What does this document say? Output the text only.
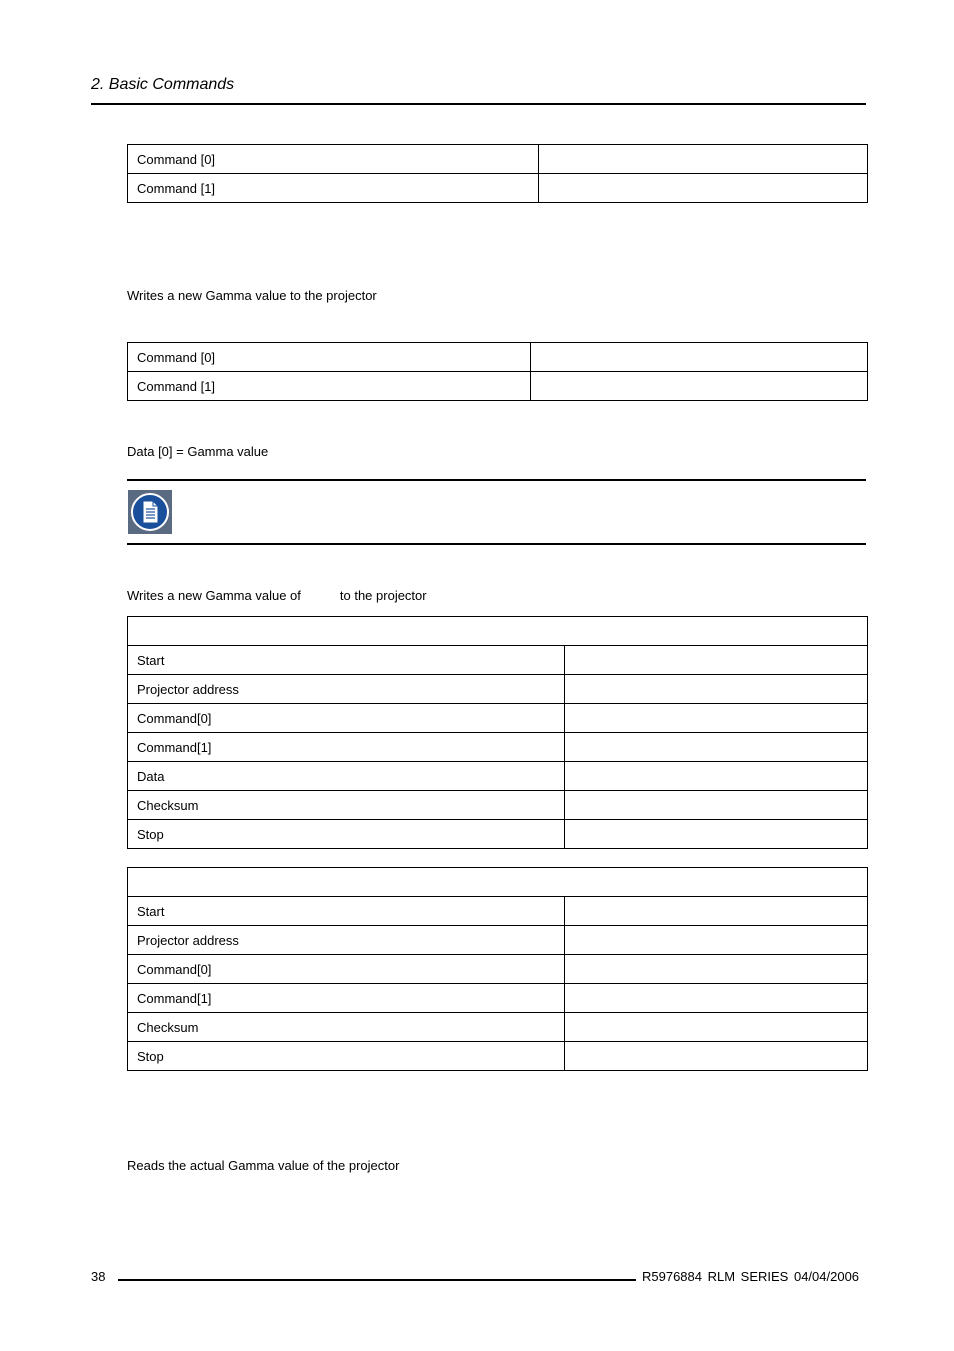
2. Basic Commands
Command [0]	
Command [1]	
Writes a new Gamma value to the projector
Command [0]	
Command [1]	
Data [0] = Gamma value
Writes a new Gamma value of	to the projector

Start	
Projector address	
Command[0]	
Command[1]	
Data	
Checksum	
Stop	

Start	
Projector address	
Command[0]	
Command[1]	
Checksum	
Stop	
Reads the actual Gamma value of the projector
38	R5976884 RLM SERIES 04/04/2006
